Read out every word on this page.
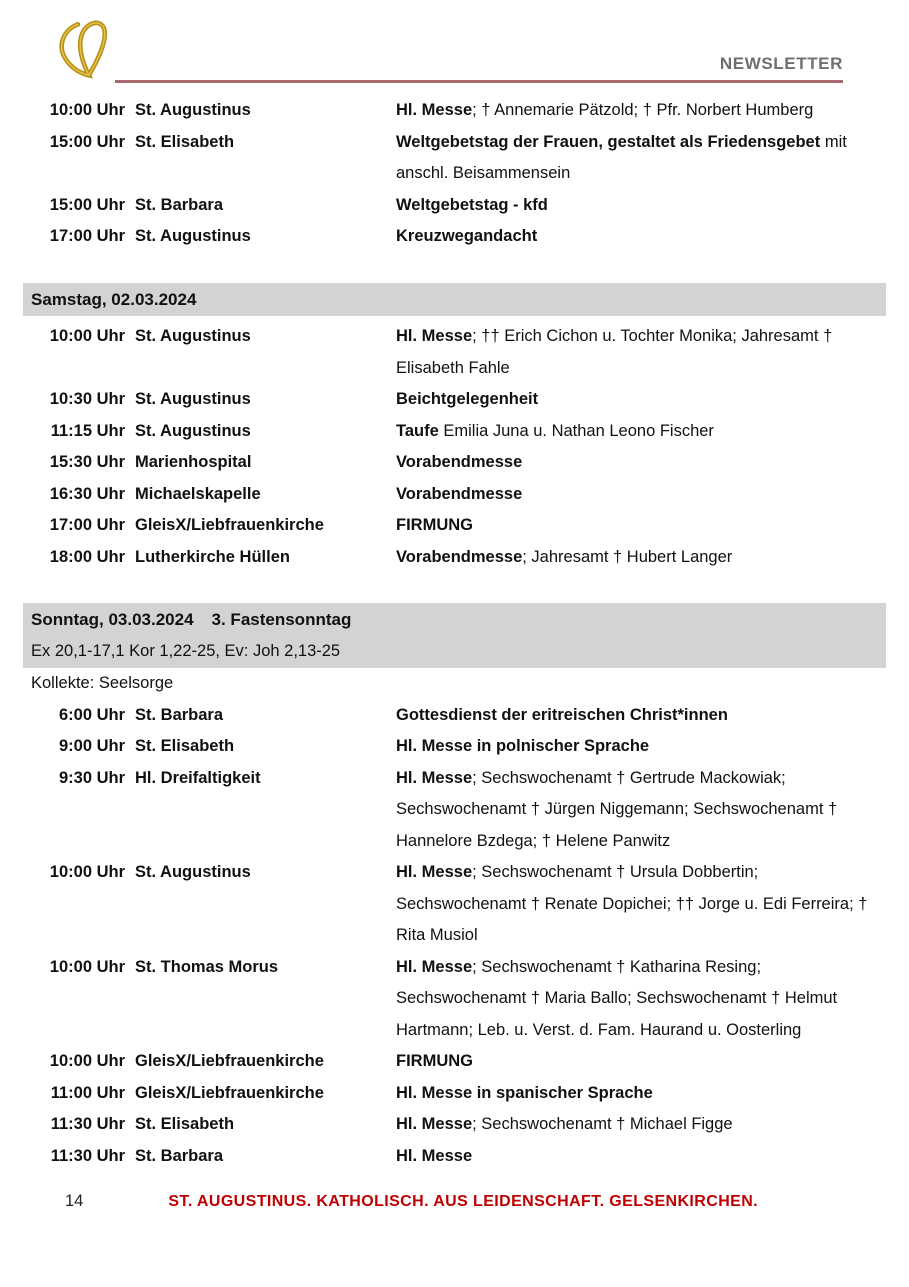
NEWSLETTER
10:00 Uhr St. Augustinus	Hl. Messe; † Annemarie Pätzold; † Pfr. Norbert Humberg
15:00 Uhr St. Elisabeth	Weltgebetstag der Frauen, gestaltet als Friedensgebet mit anschl. Beisammensein
15:00 Uhr St. Barbara	Weltgebetstag - kfd
17:00 Uhr St. Augustinus	Kreuzwegandacht
Samstag, 02.03.2024
10:00 Uhr St. Augustinus	Hl. Messe; †† Erich Cichon u. Tochter Monika; Jahresamt † Elisabeth Fahle
10:30 Uhr St. Augustinus	Beichtgelegenheit
11:15 Uhr St. Augustinus	Taufe Emilia Juna u. Nathan Leono Fischer
15:30 Uhr Marienhospital	Vorabendmesse
16:30 Uhr Michaelskapelle	Vorabendmesse
17:00 Uhr GleisX/Liebfrauenkirche	FIRMUNG
18:00 Uhr Lutherkirche Hüllen	Vorabendmesse; Jahresamt † Hubert Langer
Sonntag, 03.03.2024 3. Fastensonntag
Ex 20,1-17,1 Kor 1,22-25, Ev: Joh 2,13-25
Kollekte: Seelsorge
6:00 Uhr St. Barbara	Gottesdienst der eritreischen Christ*innen
9:00 Uhr St. Elisabeth	Hl. Messe in polnischer Sprache
9:30 Uhr Hl. Dreifaltigkeit	Hl. Messe; Sechswochenamt † Gertrude Mackowiak; Sechswochenamt † Jürgen Niggemann; Sechswochenamt † Hannelore Bzdega; † Helene Panwitz
10:00 Uhr St. Augustinus	Hl. Messe; Sechswochenamt † Ursula Dobbertin; Sechswochenamt † Renate Dopichei; †† Jorge u. Edi Ferreira; † Rita Musiol
10:00 Uhr St. Thomas Morus	Hl. Messe; Sechswochenamt † Katharina Resing; Sechswochenamt † Maria Ballo; Sechswochenamt † Helmut Hartmann; Leb. u. Verst. d. Fam. Haurand u. Oosterling
10:00 Uhr GleisX/Liebfrauenkirche	FIRMUNG
11:00 Uhr GleisX/Liebfrauenkirche	Hl. Messe in spanischer Sprache
11:30 Uhr St. Elisabeth	Hl. Messe; Sechswochenamt † Michael Figge
11:30 Uhr St. Barbara	Hl. Messe
14	ST. AUGUSTINUS. KATHOLISCH. AUS LEIDENSCHAFT. GELSENKIRCHEN.
